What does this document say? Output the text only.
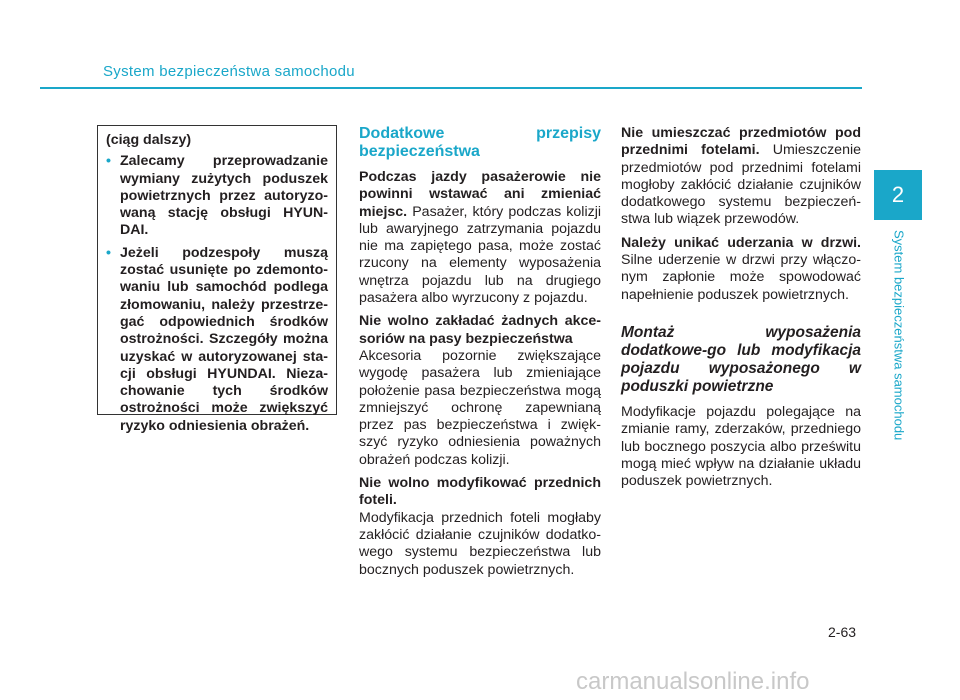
System bezpieczeństwa samochodu
2
System bezpieczeństwa samochodu
(ciąg dalszy)
• Zalecamy przeprowadzanie wymiany zużytych poduszek powietrznych przez autoryzo-waną stację obsługi HYUN-DAI.
• Jeżeli podzespoły muszą zostać usunięte po zdemonto-waniu lub samochód podlega złomowaniu, należy przestrze-gać odpowiednich środków ostrożności. Szczegóły można uzyskać w autoryzowanej sta-cji obsługi HYUNDAI. Nieza-chowanie tych środków ostrożności może zwiększyć ryzyko odniesienia obrażeń.

Dodatkowe przepisy bezpieczeństwa

Podczas jazdy pasażerowie nie powinni wstawać ani zmieniać miejsc. Pasażer, który podczas kolizji lub awaryjnego zatrzymania pojazdu nie ma zapiętego pasa, może zostać rzucony na elementy wyposażenia wnętrza pojazdu lub na drugiego pasażera albo wyrzucony z pojazdu.

Nie wolno zakładać żadnych akce-soriów na pasy bezpieczeństwa
Akcesoria pozornie zwiększające wygodę pasażera lub zmieniające położenie pasa bezpieczeństwa mogą zmniejszyć ochronę zapewnianą przez pas bezpieczeństwa i zwięk-szyć ryzyko odniesienia poważnych obrażeń podczas kolizji.

Nie wolno modyfikować przednich foteli.
Modyfikacja przednich foteli mogłaby zakłócić działanie czujników dodatko-wego systemu bezpieczeństwa lub bocznych poduszek powietrznych.

Nie umieszczać przedmiotów pod przednimi fotelami. Umieszczenie przedmiotów pod przednimi fotelami mogłoby zakłócić działanie czujników dodatkowego systemu bezpieczeń-stwa lub wiązek przewodów.

Należy unikać uderzania w drzwi. Silne uderzenie w drzwi przy włączo-nym zapłonie może spowodować napełnienie poduszek powietrznych.

Montaż wyposażenia dodatkowe-go lub modyfikacja pojazdu wyposażonego w poduszki powietrzne

Modyfikacje pojazdu polegające na zmianie ramy, zderzaków, przedniego lub bocznego poszycia albo prześwitu mogą mieć wpływ na działanie układu poduszek powietrznych.

2-63
carmanualsonline.info
